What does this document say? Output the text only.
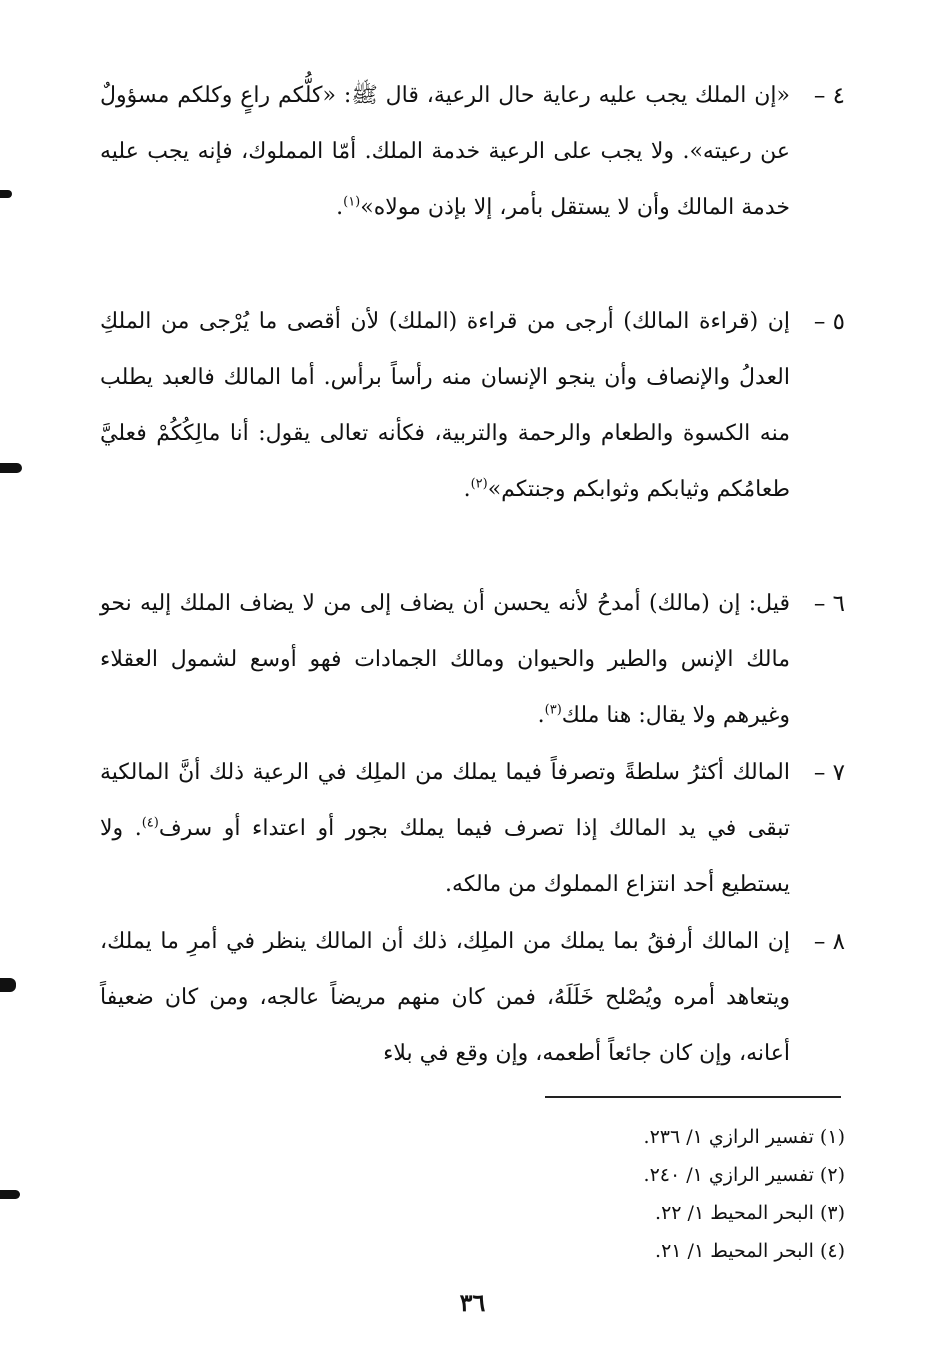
٤ –
«إن الملك يجب عليه رعاية حال الرعية، قال ﷺ: «كلُّكم راعٍ وكلكم مسؤولٌ عن رعيته». ولا يجب على الرعية خدمة الملك. أمّا المملوك، فإنه يجب عليه خدمة المالك وأن لا يستقل بأمر، إلا بإذن مولاه»$^{(١)}$.
٥ –
إن (قراءة المالك) أرجى من قراءة (الملك) لأن أقصى ما يُرْجى من الملكِ العدلُ والإنصاف وأن ينجو الإنسان منه رأساً برأس. أما المالك فالعبد يطلب منه الكسوة والطعام والرحمة والتربية، فكأنه تعالى يقول: أنا مالِكُكُمْ فعليَّ طعامُكم وثيابكم وثوابكم وجنتكم»$^{(٢)}$.
٦ –
قيل: إن (مالك) أمدحُ لأنه يحسن أن يضاف إلى من لا يضاف الملك إليه نحو مالك الإنس والطير والحيوان ومالك الجمادات فهو أوسع لشمول العقلاء وغيرهم ولا يقال: هنا ملك$^{(٣)}$.
٧ –
المالك أكثرُ سلطةً وتصرفاً فيما يملك من الملِك في الرعية ذلك أنَّ المالكية تبقى في يد المالك إذا تصرف فيما يملك بجور أو اعتداء أو سرف$^{(٤)}$. ولا يستطيع أحد انتزاع المملوك من مالكه.
٨ –
إن المالك أرفقُ بما يملك من الملِك، ذلك أن المالك ينظر في أمرِ ما يملك، ويتعاهد أمره ويُصْلح خَلَلَهُ، فمن كان منهم مريضاً عالجه، ومن كان ضعيفاً أعانه، وإن كان جائعاً أطعمه، وإن وقع في بلاء
(١) تفسير الرازي ١/ ٢٣٦.
(٢) تفسير الرازي ١/ ٢٤٠.
(٣) البحر المحيط ١/ ٢٢.
(٤) البحر المحيط ١/ ٢١.
٣٦
